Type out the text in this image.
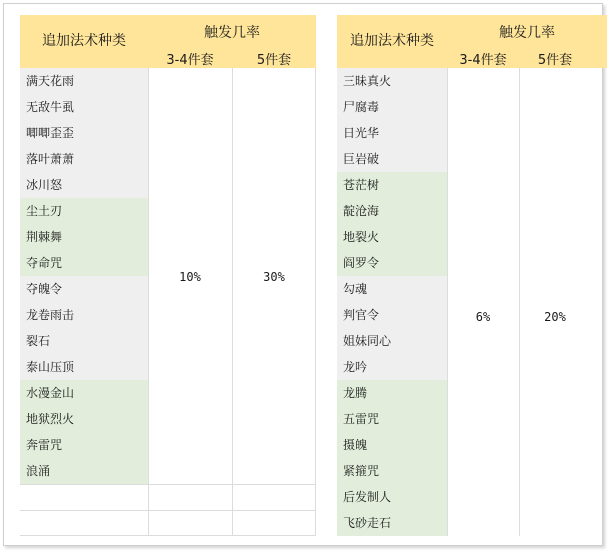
追加法术种类	触发几率
3-4件套	5件套
满天花雨
无敌牛虱
唧唧歪歪
落叶萧萧
冰川怒
尘土刃
荆棘舞
夺命咒
夺魄令
龙卷雨击
裂石
泰山压顶
水漫金山
地狱烈火
奔雷咒
浪涌
10%	30%
追加法术种类	触发几率
3-4件套	5件套
三昧真火
尸腐毒
日光华
巨岩破
苍茫树
靛沧海
地裂火
阎罗令
勾魂
判官令
姐妹同心
龙吟
龙腾
五雷咒
摄魄
紧箍咒
后发制人
飞砂走石
6%	20%
